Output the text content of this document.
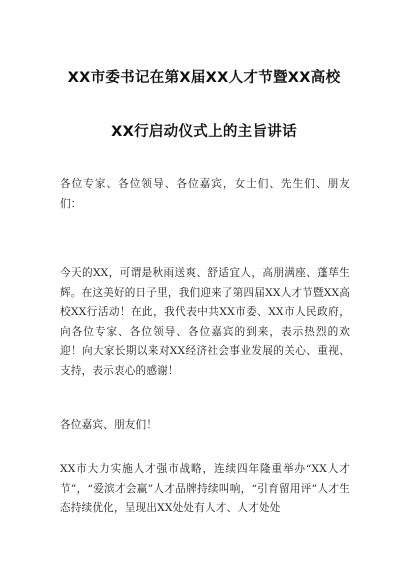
XX市委书记在第X届XX人才节暨XX高校
XX行启动仪式上的主旨讲话

各位专家、各位领导、各位嘉宾，女士们、先生们、朋友们：

今天的XX，可谓是秋雨送爽、舒适宜人，高朋满座、蓬荜生辉。在这美好的日子里，我们迎来了第四届XX人才节暨XX高校XX行活动！在此，我代表中共XX市委、XX市人民政府，向各位专家、各位领导、各位嘉宾的到来，表示热烈的欢迎！向大家长期以来对XX经济社会事业发展的关心、重视、支持，表示衷心的感谢！

各位嘉宾、朋友们！

XX市大力实施人才强市战略，连续四年隆重举办“XX人才节”，“爱滨才会赢”人才品牌持续叫响，“引育留用评”人才生态持续优化，呈现出XX处处有人才、人才处处
